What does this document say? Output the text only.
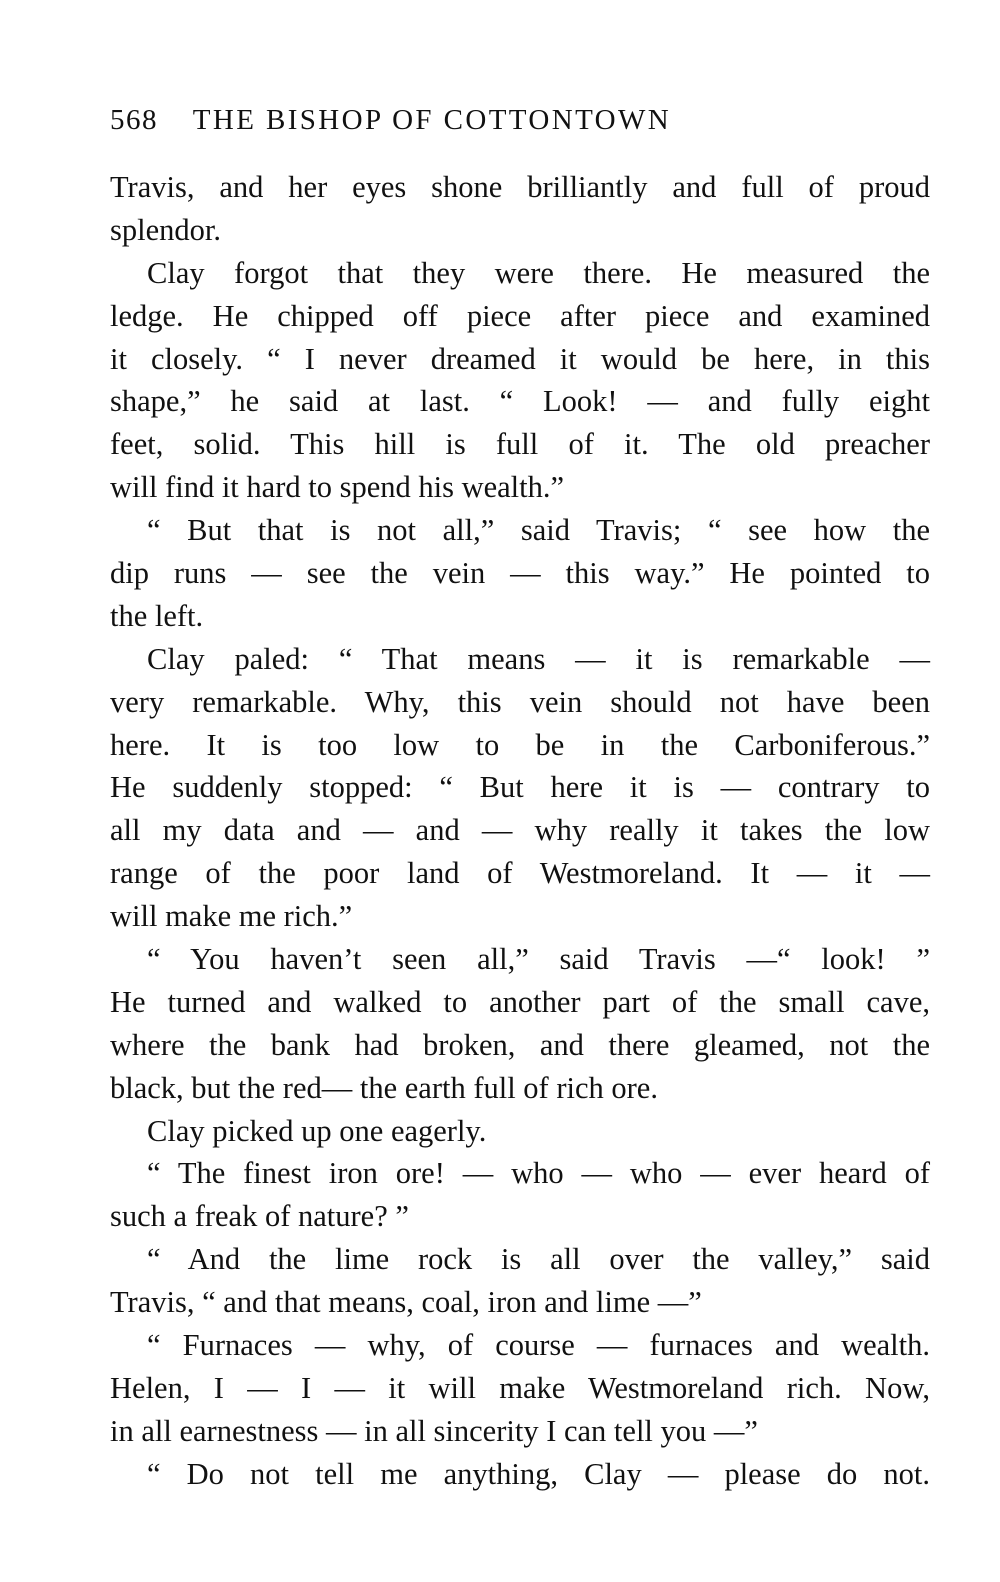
568 THE BISHOP OF COTTONTOWN
Travis, and her eyes shone brilliantly and full of proud
splendor.
Clay forgot that they were there. He measured the
ledge. He chipped off piece after piece and examined
it closely. “ I never dreamed it would be here, in this
shape,” he said at last. “ Look! — and fully eight
feet, solid. This hill is full of it. The old preacher
will find it hard to spend his wealth.”
“ But that is not all,” said Travis; “ see how the
dip runs — see the vein — this way.” He pointed to
the left.
Clay paled: “ That means — it is remarkable —
very remarkable. Why, this vein should not have been
here. It is too low to be in the Carboniferous.”
He suddenly stopped: “ But here it is — contrary to
all my data and — and — why really it takes the low
range of the poor land of Westmoreland. It — it —
will make me rich.”
“ You haven’t seen all,” said Travis —“ look! ”
He turned and walked to another part of the small cave,
where the bank had broken, and there gleamed, not the
black, but the red— the earth full of rich ore.
Clay picked up one eagerly.
“ The finest iron ore! — who — who — ever heard of
such a freak of nature? ”
“ And the lime rock is all over the valley,” said
Travis, “ and that means, coal, iron and lime —”
“ Furnaces — why, of course — furnaces and wealth.
Helen, I — I — it will make Westmoreland rich. Now,
in all earnestness — in all sincerity I can tell you —”
“ Do not tell me anything, Clay — please do not.
